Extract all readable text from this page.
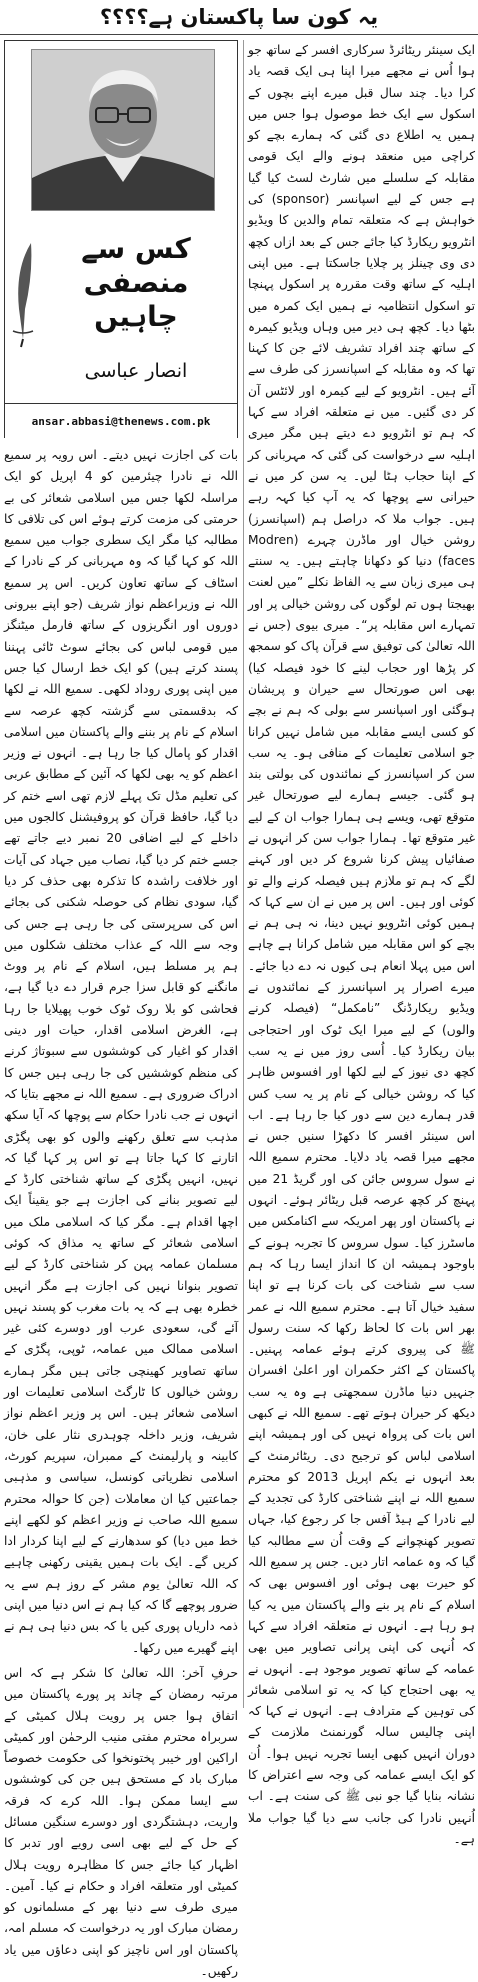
یہ کون سا پاکستان ہے؟؟؟؟
کس سے منصفی چاہیں
انصار عباسی
ansar.abbasi@thenews.com.pk

ایک سینئر ریٹائرڈ سرکاری افسر کے ساتھ جو ہوا اُس نے مجھے میرا اپنا ہی ایک قصہ یاد کرا دیا۔ چند سال قبل میرے اپنے بچوں کے اسکول سے ایک خط موصول ہوا جس میں ہمیں یہ اطلاع دی گئی کہ ہمارے بچے کو کراچی میں منعقد ہونے والے ایک قومی مقابلہ کے سلسلے میں شارٹ لسٹ کیا گیا ہے جس کے لیے اسپانسر (sponsor) کی خواہش ہے کہ متعلقہ تمام والدین کا ویڈیو انٹرویو ریکارڈ کیا جائے جس کے بعد ازاں کچھ دی وی چینلز پر چلایا جاسکتا ہے۔ میں اپنی اہلیہ کے ساتھ وقت مقررہ پر اسکول پہنچا تو اسکول انتظامیہ نے ہمیں ایک کمرہ میں بٹھا دیا۔ کچھ ہی دیر میں وہاں ویڈیو کیمرہ کے ساتھ چند افراد تشریف لائے جن کا کہنا تھا کہ وہ مقابلہ کے اسپانسرز کی طرف سے آئے ہیں۔ انٹرویو کے لیے کیمرہ اور لائٹس آن کر دی گئیں۔ میں نے متعلقہ افراد سے کہا کہ ہم تو انٹرویو دے دیتے ہیں مگر میری اہلیہ سے درخواست کی گئی کہ مہربانی کر کے اپنا حجاب ہٹا لیں۔ یہ سن کر میں نے حیرانی سے پوچھا کہ یہ آپ کیا کہہ رہے ہیں۔ جواب ملا کہ دراصل ہم (اسپانسرز) روشن خیال اور ماڈرن چہرے (Modren faces) دنیا کو دکھانا چاہتے ہیں۔ یہ سنتے ہی میری زبان سے یہ الفاظ نکلے ”میں لعنت بھیجتا ہوں تم لوگوں کی روشن خیالی پر اور تمہارے اس مقابلہ پر“۔ میری بیوی (جس نے اللہ تعالیٰ کی توفیق سے قرآن پاک کو سمجھ کر پڑھا اور حجاب لینے کا خود فیصلہ کیا) بھی اس صورتحال سے حیران و پریشان ہوگئی اور اسپانسر سے بولی کہ ہم نے بچے کو کسی ایسے مقابلہ میں شامل نہیں کرانا جو اسلامی تعلیمات کے منافی ہو۔ یہ سب سن کر اسپانسرز کے نمائندوں کی بولتی بند ہو گئی۔ جیسے ہمارے لیے صورتحال غیر متوقع تھی، ویسے ہی ہمارا جواب ان کے لیے غیر متوقع تھا۔ ہمارا جواب سن کر انہوں نے صفائیاں پیش کرنا شروع کر دیں اور کہنے لگے کہ ہم تو ملازم ہیں فیصلہ کرنے والے تو کوئی اور ہیں۔ اس پر میں نے ان سے کہا کہ ہمیں کوئی انٹرویو نہیں دینا، نہ ہی ہم نے بچے کو اس مقابلہ میں شامل کرانا ہے چاہے اس میں پہلا انعام ہی کیوں نہ دے دیا جائے۔ میرے اصرار پر اسپانسرز کے نمائندوں نے ویڈیو ریکارڈنگ ”نامکمل“ (فیصلہ کرنے والوں) کے لیے میرا ایک ٹوک اور احتجاجی بیان ریکارڈ کیا۔ اُسی روز میں نے یہ سب کچھ دی نیوز کے لیے لکھا اور افسوس ظاہر کیا کہ روشن خیالی کے نام پر یہ سب کس قدر ہمارے دین سے دور کیا جا رہا ہے۔ اب اس سینئر افسر کا دکھڑا سنیں جس نے مجھے میرا قصہ یاد دلایا۔ محترم سمیع اللہ نے سول سروس جائن کی اور گریڈ 21 میں پہنچ کر کچھ عرصہ قبل ریٹائر ہوئے۔ انہوں نے پاکستان اور پھر امریکہ سے اکنامکس میں ماسٹرز کیا۔ سول سروس کا تجربہ ہونے کے باوجود ہمیشہ ان کا انداز ایسا رہا کہ ہم سب سے شناخت کی بات کرنا ہے تو اپنا سفید خیال آتا ہے۔ محترم سمیع اللہ نے عمر بھر اس بات کا لحاظ رکھا کہ سنت رسول ﷺ کی پیروی کرتے ہوئے عمامہ پہنیں۔ پاکستان کے اکثر حکمران اور اعلیٰ افسران جنہیں دنیا ماڈرن سمجھتی ہے وہ یہ سب دیکھ کر حیران ہوتے تھے۔ سمیع اللہ نے کبھی اس بات کی پرواہ نہیں کی اور ہمیشہ اپنے اسلامی لباس کو ترجیح دی۔ ریٹائرمنٹ کے بعد انہوں نے یکم اپریل 2013 کو محترم سمیع اللہ نے اپنے شناختی کارڈ کی تجدید کے لیے نادرا کے ہیڈ آفس جا کر رجوع کیا، جہاں تصویر کھنچوانے کے وقت اُن سے مطالبہ کیا گیا کہ وہ عمامہ اتار دیں۔ جس پر سمیع اللہ کو حیرت بھی ہوئی اور افسوس بھی کہ اسلام کے نام پر بنے والے پاکستان میں یہ کیا ہو رہا ہے۔ انہوں نے متعلقہ افراد سے کہا کہ اُنہی کی اپنی پرانی تصاویر میں بھی عمامہ کے ساتھ تصویر موجود ہے۔ انہوں نے یہ بھی احتجاج کیا کہ یہ تو اسلامی شعائر کی توہین کے مترادف ہے۔ انہوں نے کہا کہ اپنی چالیس سالہ گورنمنٹ ملازمت کے دوران انہیں کبھی ایسا تجربہ نہیں ہوا۔ اُن کو ایک ایسے عمامہ کی وجہ سے اعتراض کا نشانہ بنایا گیا جو نبی ﷺ کی سنت ہے۔ اب اُنہیں نادرا کی جانب سے دیا گیا جواب ملا ہے۔

بات کی اجازت نہیں دیتے۔ اس رویہ پر سمیع اللہ نے نادرا چیئرمین کو 4 اپریل کو ایک مراسلہ لکھا جس میں اسلامی شعائر کی بے حرمتی کی مزمت کرتے ہوئے اس کی تلافی کا مطالبہ کیا مگر ایک سطری جواب میں سمیع اللہ کو کہا گیا کہ وہ مہربانی کر کے نادرا کے اسٹاف کے ساتھ تعاون کریں۔ اس پر سمیع اللہ نے وزیراعظم نواز شریف (جو اپنے بیرونی دوروں اور انگریزوں کے ساتھ فارمل میٹنگز میں قومی لباس کی بجائے سوٹ ٹائی پہننا پسند کرتے ہیں) کو ایک خط ارسال کیا جس میں اپنی پوری روداد لکھی۔ سمیع اللہ نے لکھا کہ بدقسمتی سے گزشتہ کچھ عرصہ سے اسلام کے نام پر بننے والے پاکستان میں اسلامی اقدار کو پامال کیا جا رہا ہے۔ انہوں نے وزیر اعظم کو یہ بھی لکھا کہ آئین کے مطابق عربی کی تعلیم مڈل تک پہلے لازم تھی اسے ختم کر دیا گیا، حافظ قرآن کو پروفیشنل کالجوں میں داخلے کے لیے اضافی 20 نمبر دیے جاتے تھے جسے ختم کر دیا گیا، نصاب میں جہاد کی آیات اور خلافت راشدہ کا تذکرہ بھی حذف کر دیا گیا، سودی نظام کی حوصلہ شکنی کی بجائے اس کی سرپرستی کی جا رہی ہے جس کی وجہ سے اللہ کے عذاب مختلف شکلوں میں ہم پر مسلط ہیں، اسلام کے نام پر ووٹ مانگنے کو قابل سزا جرم قرار دے دیا گیا ہے، فحاشی کو بلا روک ٹوک خوب پھیلایا جا رہا ہے، الغرض اسلامی اقدار، حیات اور دینی اقدار کو اغیار کی کوششوں سے سبوتاژ کرنے کی منظم کوششیں کی جا رہی ہیں جس کا ادراک ضروری ہے۔ سمیع اللہ نے مجھے بتایا کہ انہوں نے جب نادرا حکام سے پوچھا کہ آیا سکھ مذہب سے تعلق رکھنے والوں کو بھی پگڑی اتارنے کا کہا جاتا ہے تو اس پر کہا گیا کہ نہیں، انہیں پگڑی کے ساتھ شناختی کارڈ کے لیے تصویر بنانے کی اجازت ہے جو یقیناً ایک اچھا اقدام ہے۔ مگر کیا کہ اسلامی ملک میں اسلامی شعائر کے ساتھ یہ مذاق کہ کوئی مسلمان عمامہ پہن کر شناختی کارڈ کے لیے تصویر بنوانا نہیں کی اجازت ہے مگر انہیں خطرہ بھی ہے کہ یہ بات مغرب کو پسند نہیں آئے گی، سعودی عرب اور دوسرے کئی غیر اسلامی ممالک میں عمامہ، ٹوپی، پگڑی کے ساتھ تصاویر کھینچی جاتی ہیں مگر ہمارے روشن خیالوں کا ٹارگٹ اسلامی تعلیمات اور اسلامی شعائر ہیں۔ اس پر وزیر اعظم نواز شریف، وزیر داخلہ چوہدری نثار علی خان، کابینہ و پارلیمنٹ کے ممبران، سپریم کورٹ، اسلامی نظریاتی کونسل، سیاسی و مذہبی جماعتیں کیا ان معاملات (جن کا حوالہ محترم سمیع اللہ صاحب نے وزیر اعظم کو لکھے اپنے خط میں دیا) کو سدھارنے کے لیے اپنا کردار ادا کریں گے۔ ایک بات ہمیں یقینی رکھنی چاہیے کہ اللہ تعالیٰ یوم مشر کے روز ہم سے یہ ضرور پوچھے گا کہ کیا ہم نے اس دنیا میں اپنی ذمہ داریاں پوری کیں یا کہ بس دنیا ہی ہم نے اپنے گھیرے میں رکھا۔

حرفِ آخر: اللہ تعالیٰ کا شکر ہے کہ اس مرتبہ رمضان کے چاند پر پورے پاکستان میں اتفاق ہوا جس پر رویت ہلال کمیٹی کے سربراہ محترم مفتی منیب الرحمٰن اور کمیٹی اراکین اور خیبر پختونخوا کی حکومت خصوصاً مبارک باد کے مستحق ہیں جن کی کوششوں سے ایسا ممکن ہوا۔ اللہ کرے کہ فرقہ واریت، دہشتگردی اور دوسرے سنگین مسائل کے حل کے لیے بھی اسی رویے اور تدبر کا اظہار کیا جائے جس کا مظاہرہ رویت ہلال کمیٹی اور متعلقہ افراد و حکام نے کیا۔ آمین۔ میری طرف سے دنیا بھر کے مسلمانوں کو رمضان مبارک اور یہ درخواست کہ مسلم امہ، پاکستان اور اس ناچیز کو اپنی دعاؤں میں یاد رکھیں۔
